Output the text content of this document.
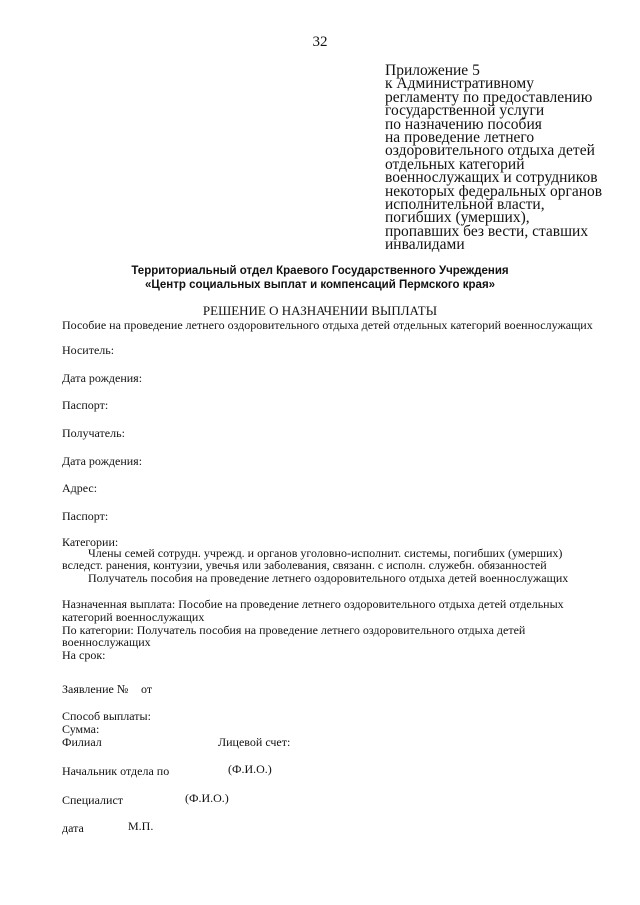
32
Приложение 5
к Административному
регламенту по предоставлению
государственной услуги
по назначению пособия
на проведение летнего
оздоровительного отдыха детей
отдельных категорий
военнослужащих и сотрудников
некоторых федеральных органов
исполнительной власти,
погибших (умерших),
пропавших без вести, ставших
инвалидами
Территориальный отдел Краевого Государственного Учреждения
«Центр социальных выплат и компенсаций Пермского края»
РЕШЕНИЕ О НАЗНАЧЕНИИ ВЫПЛАТЫ
Пособие на проведение летнего оздоровительного отдыха детей отдельных категорий военнослужащих
Носитель:
Дата рождения:
Паспорт:
Получатель:
Дата рождения:
Адрес:
Паспорт:
Категории:
Члены семей сотрудн. учрежд. и органов уголовно-исполнит. системы, погибших (умерших)
вследст. ранения, контузии, увечья или заболевания, связанн. с исполн. служебн. обязанностей
Получатель пособия на проведение летнего оздоровительного отдыха детей военнослужащих
Назначенная выплата: Пособие на проведение летнего оздоровительного отдыха детей отдельных
категорий военнослужащих
По категории: Получатель пособия на проведение летнего оздоровительного отдыха детей
военнослужащих
На срок:
Заявление № от
Способ выплаты:
Сумма:
Филиал	Лицевой счет:
Начальник отдела по	(Ф.И.О.)
Специалист	(Ф.И.О.)
дата	М.П.
